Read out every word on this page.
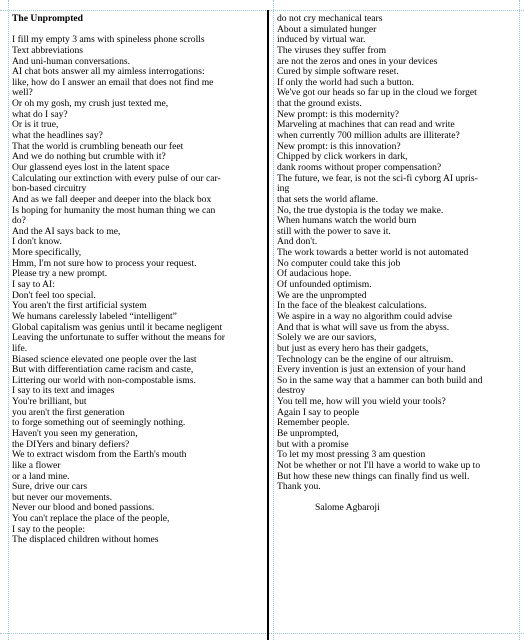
The Unprompted
I fill my empty 3 ams with spineless phone scrolls
Text abbreviations
And uni-human conversations.
AI chat bots answer all my aimless interrogations:
like, how do I answer an email that does not find me
well?
Or oh my gosh, my crush just texted me,
what do I say?
Or is it true,
what the headlines say?
That the world is crumbling beneath our feet
And we do nothing but crumble with it?
Our glassend eyes lost in the latent space
Calculating our extinction with every pulse of our car-
bon-based circuitry
And as we fall deeper and deeper into the black box
Is hoping for humanity the most human thing we can
do?
And the AI says back to me,
I don't know.
More specifically,
Hmm, I'm not sure how to process your request.
Please try a new prompt.
I say to AI:
Don't feel too special.
You aren't the first artificial system
We humans carelessly labeled “intelligent”
Global capitalism was genius until it became negligent
Leaving the unfortunate to suffer without the means for
life.
Biased science elevated one people over the last
But with differentiation came racism and caste,
Littering our world with non-compostable isms.
I say to its text and images
You're brilliant, but
you aren't the first generation
to forge something out of seemingly nothing.
Haven't you seen my generation,
the DIYers and binary defiers?
We to extract wisdom from the Earth's mouth
like a flower
or a land mine.
Sure, drive our cars
but never our movements.
Never our blood and boned passions.
You can't replace the place of the people,
I say to the people:
The displaced children without homes
do not cry mechanical tears
About a simulated hunger
induced by virtual war.
The viruses they suffer from
are not the zeros and ones in your devices
Cured by simple software reset.
If only the world had such a button.
We've got our heads so far up in the cloud we forget
that the ground exists.
New prompt: is this modernity?
Marveling at machines that can read and write
when currently 700 million adults are illiterate?
New prompt: is this innovation?
Chipped by click workers in dark,
dank rooms without proper compensation?
The future, we fear, is not the sci-fi cyborg AI upris-
ing
that sets the world aflame.
No, the true dystopia is the today we make.
When humans watch the world burn
still with the power to save it.
And don't.
The work towards a better world is not automated
No computer could take this job
Of audacious hope.
Of unfounded optimism.
We are the unprompted
In the face of the bleakest calculations.
We aspire in a way no algorithm could advise
And that is what will save us from the abyss.
Solely we are our saviors,
but just as every hero has their gadgets,
Technology can be the engine of our altruism.
Every invention is just an extension of your hand
So in the same way that a hammer can both build and
destroy
You tell me, how will you wield your tools?
Again I say to people
Remember people.
Be unprompted,
but with a promise
To let my most pressing 3 am question
Not be whether or not I'll have a world to wake up to
But how these new things can finally find us well.
Thank you.
Salome Agbaroji
